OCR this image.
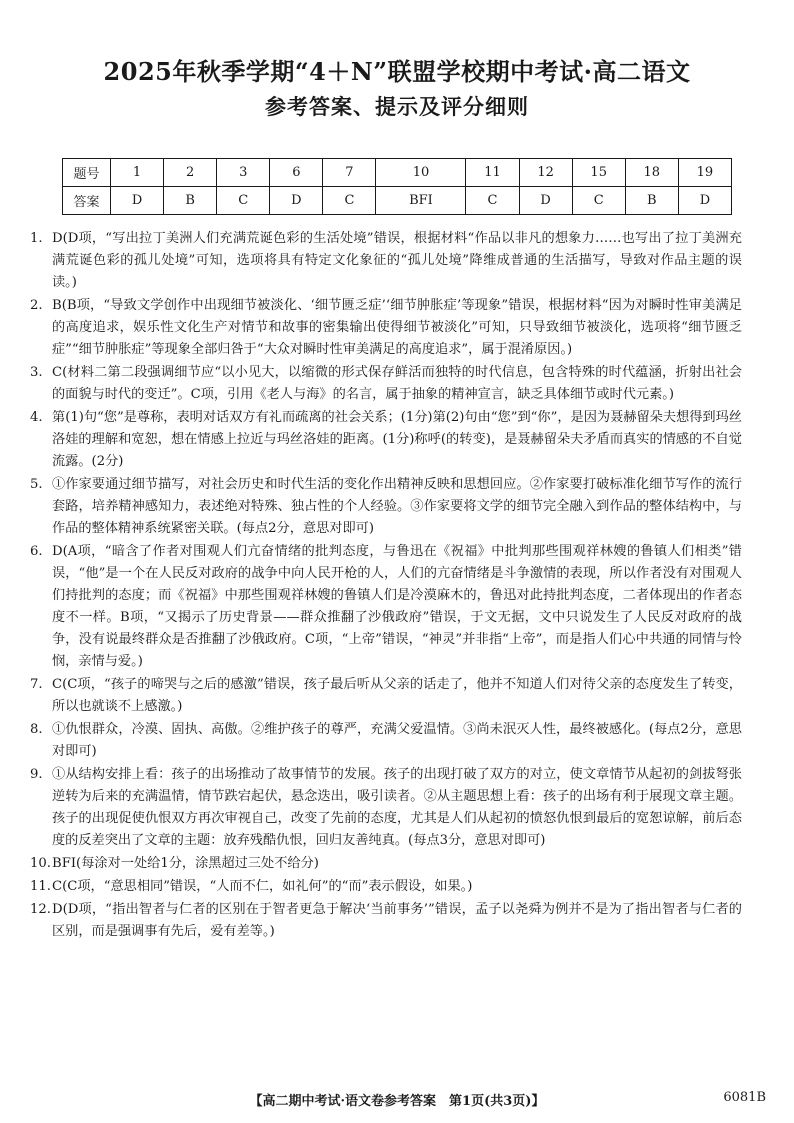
2025年秋季学期“4＋N”联盟学校期中考试·高二语文
参考答案、提示及评分细则
题号	1	2	3	6	7	10	11	12	15	18	19
答案	D	B	C	D	C	BFI	C	D	C	B	D

1. D(D项，“写出拉丁美洲人们充满荒诞色彩的生活处境”错误，根据材料“作品以非凡的想象力……也写出了拉丁美洲充满荒诞色彩的孤儿处境”可知，选项将具有特定文化象征的“孤儿处境”降维成普通的生活描写，导致对作品主题的误读。)

2. B(B项，“导致文学创作中出现细节被淡化、‘细节匮乏症’‘细节肿胀症’等现象”错误，根据材料“因为对瞬时性审美满足的高度追求，娱乐性文化生产对情节和故事的密集输出使得细节被淡化”可知，只导致细节被淡化，选项将“细节匮乏症”“细节肿胀症”等现象全部归咎于“大众对瞬时性审美满足的高度追求”，属于混淆原因。)

3. C(材料二第二段强调细节应“以小见大，以缩微的形式保存鲜活而独特的时代信息，包含特殊的时代蕴涵，折射出社会的面貌与时代的变迁”。C项，引用《老人与海》的名言，属于抽象的精神宣言，缺乏具体细节或时代元素。)

4. 第(1)句“您”是尊称，表明对话双方有礼而疏离的社会关系；(1分)第(2)句由“您”到“你”，是因为聂赫留朵夫想得到玛丝洛娃的理解和宽恕，想在情感上拉近与玛丝洛娃的距离。(1分)称呼(的转变)，是聂赫留朵夫矛盾而真实的情感的不自觉流露。(2分)

5. ①作家要通过细节描写，对社会历史和时代生活的变化作出精神反映和思想回应。②作家要打破标准化细节写作的流行套路，培养精神感知力，表述绝对特殊、独占性的个人经验。③作家要将文学的细节完全融入到作品的整体结构中，与作品的整体精神系统紧密关联。(每点2分，意思对即可)

6. D(A项，“暗含了作者对围观人们亢奋情绪的批判态度，与鲁迅在《祝福》中批判那些围观祥林嫂的鲁镇人们相类”错误，“他”是一个在人民反对政府的战争中向人民开枪的人，人们的亢奋情绪是斗争激情的表现，所以作者没有对围观人们持批判的态度；而《祝福》中那些围观祥林嫂的鲁镇人们是冷漠麻木的，鲁迅对此持批判态度，二者体现出的作者态度不一样。B项，“又揭示了历史背景——群众推翻了沙俄政府”错误，于文无据，文中只说发生了人民反对政府的战争，没有说最终群众是否推翻了沙俄政府。C项，“上帝”错误，“神灵”并非指“上帝”，而是指人们心中共通的同情与怜悯，亲情与爱。)

7. C(C项，“孩子的啼哭与之后的感激”错误，孩子最后听从父亲的话走了，他并不知道人们对待父亲的态度发生了转变，所以也就谈不上感激。)

8. ①仇恨群众，冷漠、固执、高傲。②维护孩子的尊严，充满父爱温情。③尚未泯灭人性，最终被感化。(每点2分，意思对即可)

9. ①从结构安排上看：孩子的出场推动了故事情节的发展。孩子的出现打破了双方的对立，使文章情节从起初的剑拔弩张逆转为后来的充满温情，情节跌宕起伏，悬念迭出，吸引读者。②从主题思想上看：孩子的出场有利于展现文章主题。孩子的出现促使仇恨双方再次审视自己，改变了先前的态度，尤其是人们从起初的愤怒仇恨到最后的宽恕谅解，前后态度的反差突出了文章的主题：放弃残酷仇恨，回归友善纯真。(每点3分，意思对即可)

10. BFI(每涂对一处给1分，涂黑超过三处不给分)

11. C(C项，“意思相同”错误，“人而不仁，如礼何”的“而”表示假设，如果。)

12. D(D项，“指出智者与仁者的区别在于智者更急于解决‘当前事务’”错误，孟子以尧舜为例并不是为了指出智者与仁者的区别，而是强调事有先后，爱有差等。)

【高二期中考试·语文卷参考答案　第1页(共3页)】	6081B
